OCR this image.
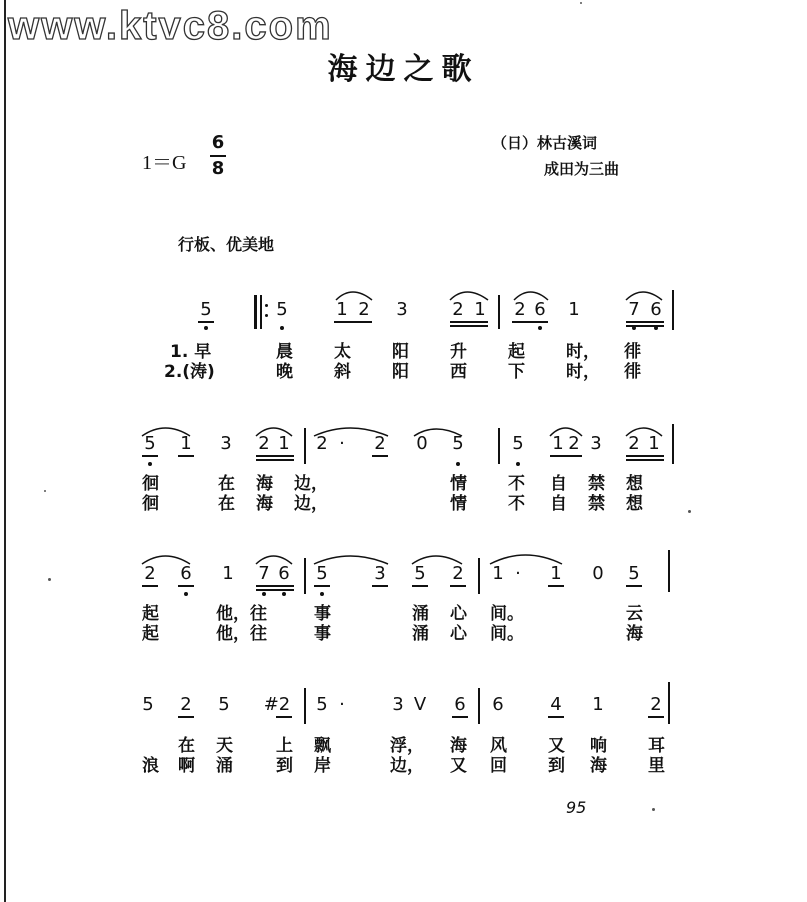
www.ktvc8.com
海边之歌
1＝G
6
8
（日）林古溪词
成田为三曲
行板、优美地
5	5	1 2 3 2 1 2 6 1	7 6
1. 早	晨 太 阳 升 起 时， 徘
2.(涛)	晚 斜 阳 西 下 时， 徘
5 1 3 2 1 2 · 2 0 5	5 1 2 3 2 1
徊	在 海 边，	情 不 自 禁 想
徊	在 海 边，	情 不 自 禁 想
2 6 1 7 6 5	3 5 2 1 · 1 0 5
起	他，往	事	涌 心 间。	云
起	他，往	事	涌 心 间。	海
5 2 5 #2 5 ·	3 V 6 6	4 1	2
在 天	上 飘	浮， 海 风 又 响 耳
浪 啊 涌	到 岸	边， 又 回 到 海 里
95
